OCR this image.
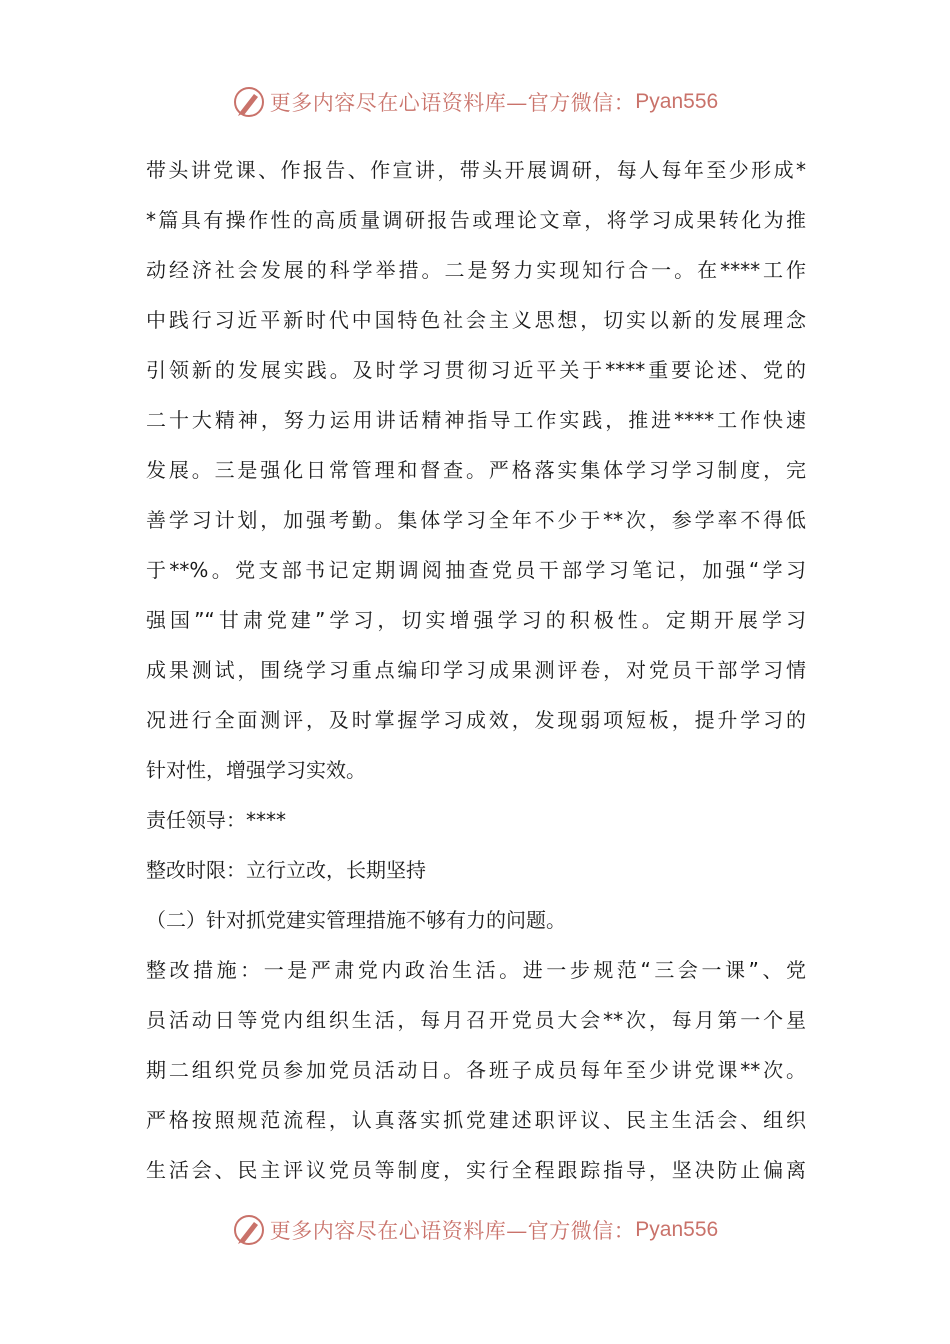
更多内容尽在心语资料库—官方微信： Pyan556
带头讲党课、作报告、作宣讲，带头开展调研，每人每年至少形成*
*篇具有操作性的高质量调研报告或理论文章，将学习成果转化为推
动经济社会发展的科学举措。二是努力实现知行合一。在****工作
中践行习近平新时代中国特色社会主义思想，切实以新的发展理念
引领新的发展实践。及时学习贯彻习近平关于****重要论述、党的
二十大精神，努力运用讲话精神指导工作实践，推进****工作快速
发展。三是强化日常管理和督查。严格落实集体学习学习制度，完
善学习计划，加强考勤。集体学习全年不少于**次，参学率不得低
于**%。党支部书记定期调阅抽查党员干部学习笔记，加强“学习
强国”“甘肃党建”学习，切实增强学习的积极性。定期开展学习
成果测试，围绕学习重点编印学习成果测评卷，对党员干部学习情
况进行全面测评，及时掌握学习成效，发现弱项短板，提升学习的
针对性，增强学习实效。
责任领导：****
整改时限：立行立改，长期坚持
（二）针对抓党建实管理措施不够有力的问题。
整改措施：一是严肃党内政治生活。进一步规范“三会一课”、党
员活动日等党内组织生活，每月召开党员大会**次，每月第一个星
期二组织党员参加党员活动日。各班子成员每年至少讲党课**次。
严格按照规范流程，认真落实抓党建述职评议、民主生活会、组织
生活会、民主评议党员等制度，实行全程跟踪指导，坚决防止偏离
更多内容尽在心语资料库—官方微信： Pyan556
